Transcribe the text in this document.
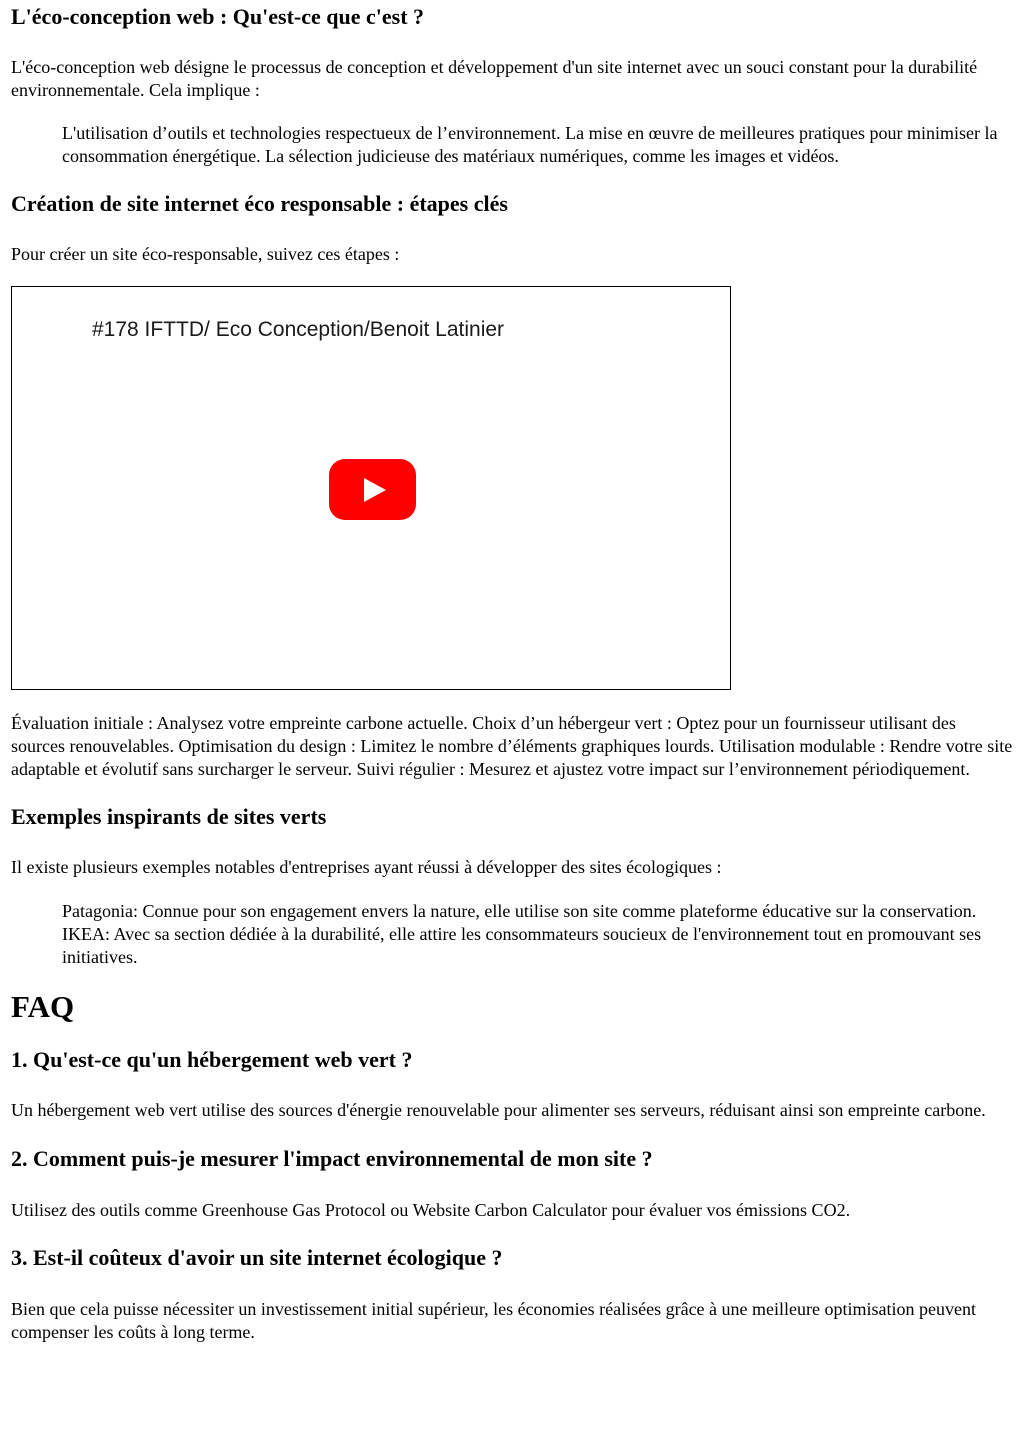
L'éco-conception web : Qu'est-ce que c'est ?

L'éco-conception web désigne le processus de conception et développement d'un site internet avec un souci constant pour la durabilité environnementale. Cela implique :

L'utilisation d’outils et technologies respectueux de l’environnement. La mise en œuvre de meilleures pratiques pour minimiser la consommation énergétique. La sélection judicieuse des matériaux numériques, comme les images et vidéos.
Création de site internet éco responsable : étapes clés

Pour créer un site éco-responsable, suivez ces étapes :

#178 IFTTD/ Eco Conception/Benoit Latinier

Évaluation initiale : Analysez votre empreinte carbone actuelle. Choix d’un hébergeur vert : Optez pour un fournisseur utilisant des sources renouvelables. Optimisation du design : Limitez le nombre d’éléments graphiques lourds. Utilisation modulable : Rendre votre site adaptable et évolutif sans surcharger le serveur. Suivi régulier : Mesurez et ajustez votre impact sur l’environnement périodiquement.

Exemples inspirants de sites verts

Il existe plusieurs exemples notables d'entreprises ayant réussi à développer des sites écologiques :

Patagonia: Connue pour son engagement envers la nature, elle utilise son site comme plateforme éducative sur la conservation. IKEA: Avec sa section dédiée à la durabilité, elle attire les consommateurs soucieux de l'environnement tout en promouvant ses initiatives.
FAQ
1. Qu'est-ce qu'un hébergement web vert ?

Un hébergement web vert utilise des sources d'énergie renouvelable pour alimenter ses serveurs, réduisant ainsi son empreinte carbone.

2. Comment puis-je mesurer l'impact environnemental de mon site ?

Utilisez des outils comme Greenhouse Gas Protocol ou Website Carbon Calculator pour évaluer vos émissions CO2.

3. Est-il coûteux d'avoir un site internet écologique ?

Bien que cela puisse nécessiter un investissement initial supérieur, les économies réalisées grâce à une meilleure optimisation peuvent compenser les coûts à long terme.
